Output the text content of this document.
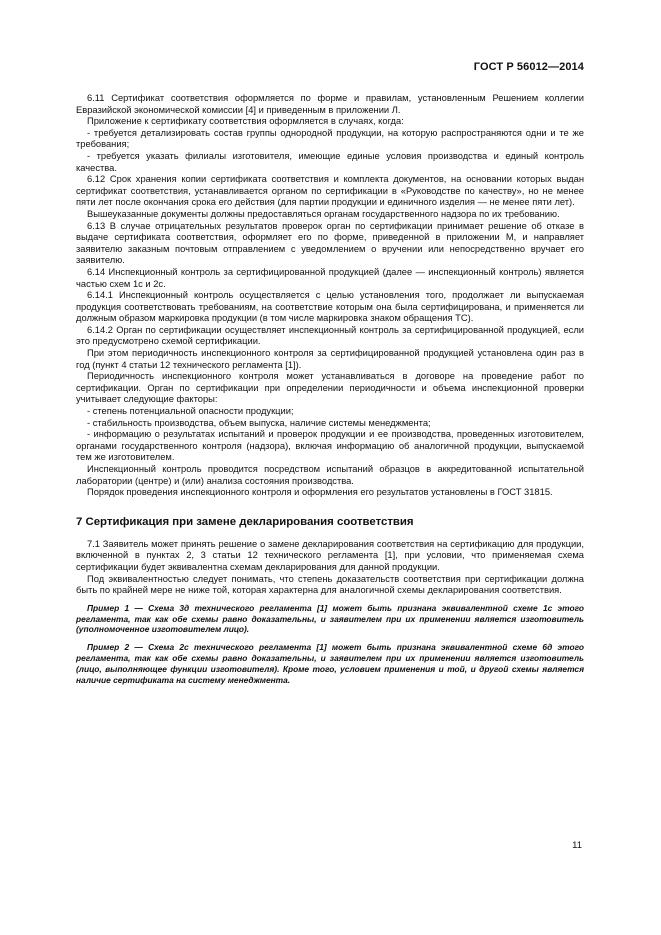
ГОСТ Р 56012—2014

6.11 Сертификат соответствия оформляется по форме и правилам, установленным Решением коллегии Евразийской экономической комиссии [4] и приведенным в приложении Л.

Приложение к сертификату соответствия оформляется в случаях, когда:

- требуется детализировать состав группы однородной продукции, на которую распространяются одни и те же требования;

- требуется указать филиалы изготовителя, имеющие единые условия производства и единый контроль качества.

6.12 Срок хранения копии сертификата соответствия и комплекта документов, на основании которых выдан сертификат соответствия, устанавливается органом по сертификации в «Руководстве по качеству», но не менее пяти лет после окончания срока его действия (для партии продукции и единичного изделия — не менее пяти лет).

Вышеуказанные документы должны предоставляться органам государственного надзора по их требованию.

6.13 В случае отрицательных результатов проверок орган по сертификации принимает решение об отказе в выдаче сертификата соответствия, оформляет его по форме, приведенной в приложении М, и направляет заявителю заказным почтовым отправлением с уведомлением о вручении или непосредственно вручает его заявителю.

6.14 Инспекционный контроль за сертифицированной продукцией (далее — инспекционный контроль) является частью схем 1с и 2с.

6.14.1 Инспекционный контроль осуществляется с целью установления того, продолжает ли выпускаемая продукция соответствовать требованиям, на соответствие которым она была сертифицирована, и применяется ли должным образом маркировка продукции (в том числе маркировка знаком обращения ТС).

6.14.2 Орган по сертификации осуществляет инспекционный контроль за сертифицированной продукцией, если это предусмотрено схемой сертификации.

При этом периодичность инспекционного контроля за сертифицированной продукцией установлена один раз в год (пункт 4 статьи 12 технического регламента [1]).

Периодичность инспекционного контроля может устанавливаться в договоре на проведение работ по сертификации. Орган по сертификации при определении периодичности и объема инспекционной проверки учитывает следующие факторы:

- степень потенциальной опасности продукции;

- стабильность производства, объем выпуска, наличие системы менеджмента;

- информацию о результатах испытаний и проверок продукции и ее производства, проведенных изготовителем, органами государственного контроля (надзора), включая информацию об аналогичной продукции, выпускаемой тем же изготовителем.

Инспекционный контроль проводится посредством испытаний образцов в аккредитованной испытательной лаборатории (центре) и (или) анализа состояния производства.

Порядок проведения инспекционного контроля и оформления его результатов установлены в ГОСТ 31815.

7 Сертификация при замене декларирования соответствия

7.1 Заявитель может принять решение о замене декларирования соответствия на сертификацию для продукции, включенной в пунктах 2, 3 статьи 12 технического регламента [1], при условии, что применяемая схема сертификации будет эквивалентна схемам декларирования для данной продукции.

Под эквивалентностью следует понимать, что степень доказательств соответствия при сертификации должна быть по крайней мере не ниже той, которая характерна для аналогичной схемы декларирования соответствия.

Пример 1 — Схема 3д технического регламента [1] может быть признана эквивалентной схеме 1с этого регламента, так как обе схемы равно доказательны, и заявителем при их применении является изготовитель (уполномоченное изготовителем лицо).
Пример 2 — Схема 2с технического регламента [1] может быть признана эквивалентной схеме 6д этого регламента, так как обе схемы равно доказательны, и заявителем при их применении является изготовитель (лицо, выполняющее функции изготовителя). Кроме того, условием применения и той, и другой схемы является наличие сертификата на систему менеджмента.
11
